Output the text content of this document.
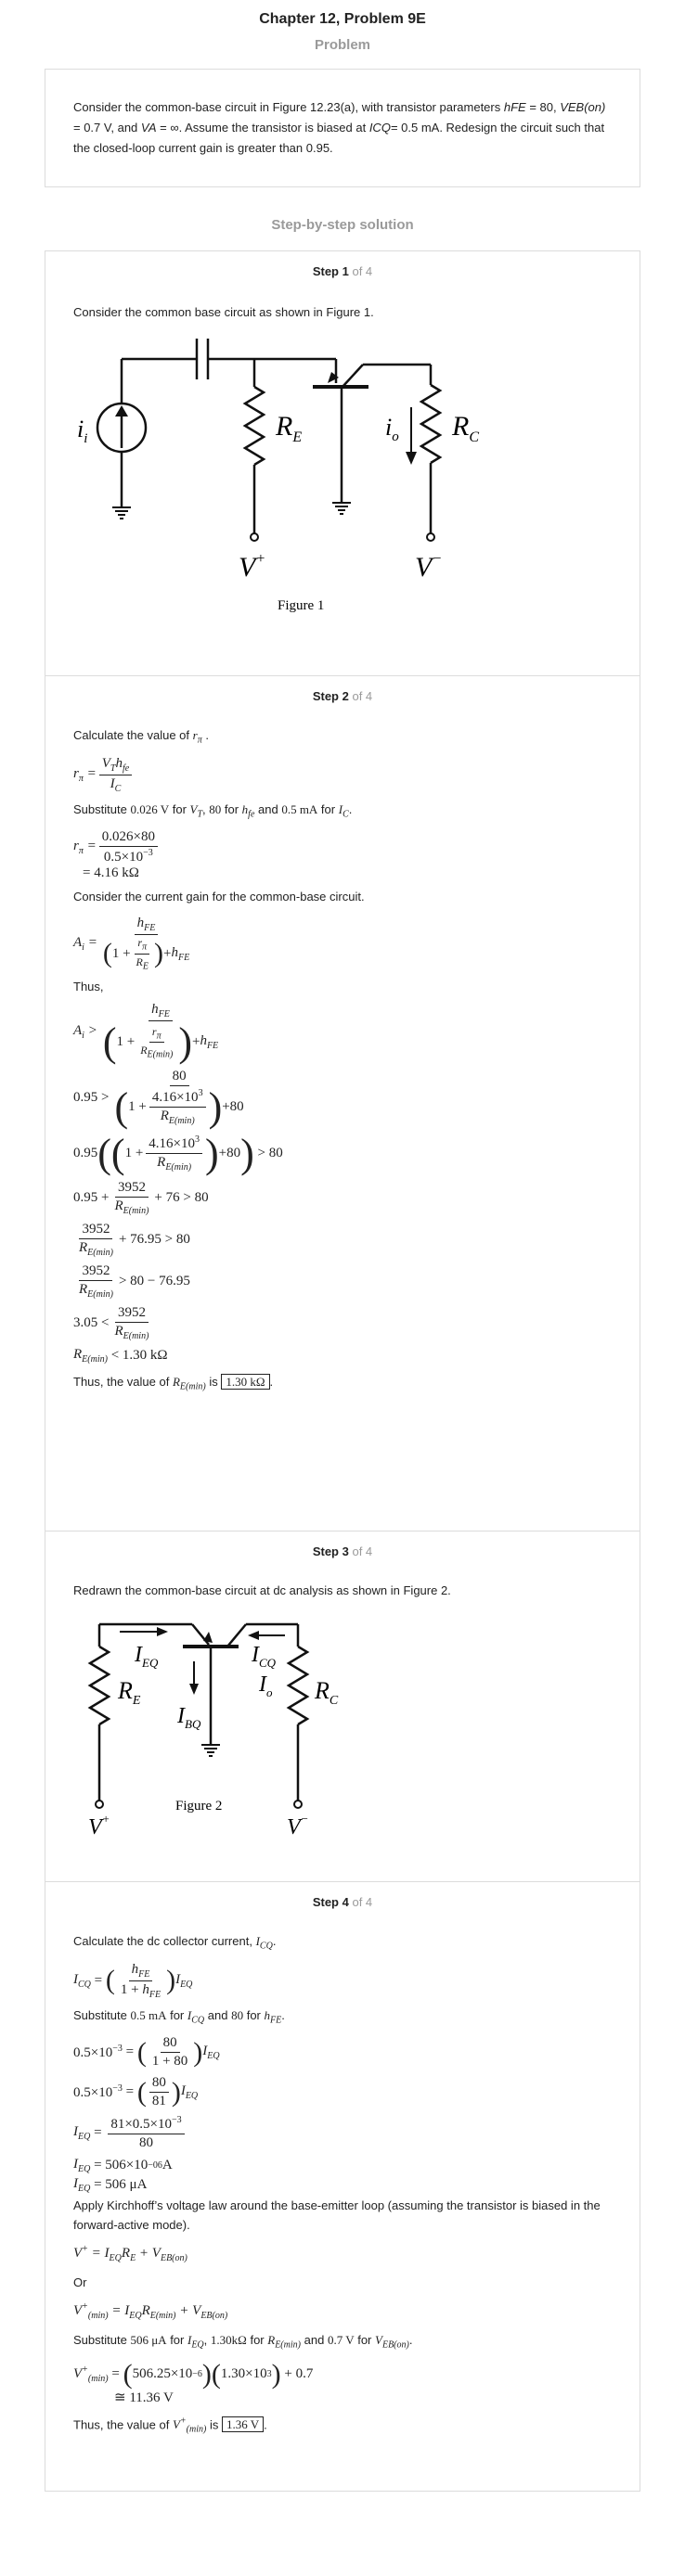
Chapter 12, Problem 9E
Problem
Consider the common-base circuit in Figure 12.23(a), with transistor parameters hFE = 80, VEB(on) = 0.7 V, and VA = ∞. Assume the transistor is biased at ICQ= 0.5 mA. Redesign the circuit such that the closed-loop current gain is greater than 0.95.
Step-by-step solution
Step 1 of 4
Consider the common base circuit as shown in Figure 1.
$i_i$	$R_E$	$i_o$ $R_C$
V+	V−
Figure 1
Step 2 of 4
Calculate the value of $r_\pi$ .
$r_\pi = \frac{V_Th_{fe}}{I_C}$
Substitute 0.026 V for $V_T$, 80 for $h_{fe}$ and 0.5 mA for $I_C$.
$r_\pi = \frac{0.026\times 80}{0.5\times 10^{-3}}$
= 4.16 kΩ
Consider the current gain for the common-base circuit.
$A_i = \frac{h_{FE}}{( 1 + \frac{r_\pi}{R_E} ) + h_{FE}}$
Thus,
$A_i > \frac{h_{FE}}{( 1 + \frac{r_\pi}{R_{E(min)}} ) + h_{FE}}$
$0.95 > \frac{80}{( 1 + \frac{4.16\times 10^3}{R_{E(min)}} ) +80}$
0.95 ( ( $1 + \frac{4.16\times 10^3}{R_{E(min)}}$ ) +80 )
> 80
$0.95 + \frac{3952}{R_{E(min)}} + 76 > 80$
$\frac{3952}{R_{E(min)}} + 76.95 > 80$
$\frac{3952}{R_{E(min)}} > 80 - 76.95$
$3.05 < \frac{3952}{R_{E(min)}}$
$R_{E(min)}$
< 1.30 kΩ
Thus, the value of $R_{E(min)}$ is 1.30 kΩ .
Step 3 of 4
Redrawn the common-base circuit at dc analysis as shown in Figure 2.
$I_{EQ}$
$R_E$
$I_{BQ}$
$I_{CQ}$
$I_o$ $R_C$
V+	V−
Figure 2
Step 4 of 4
Calculate the dc collector current, $I_{CQ}$.
$I_{CQ}$ = ( $\frac{h_{FE}}{1 + h_{FE}}$ ) $I_{EQ}$
Substitute 0.5 mA for $I_{CQ}$ and 80 for $h_{FE}$.
$0.5\times 10^{-3}$ = ( $\frac{80}{1 + 80}$ ) $I_{EQ}$
$0.5\times 10^{-3}$ = ( $\frac{80}{81}$ ) $I_{EQ}$
$I_{EQ} = \frac{81\times 0.5\times 10^{-3}}{80}$
$I_{EQ}$
= 506×10 −06 A
$I_{EQ}$
= 506 μA
Apply Kirchhoff’s voltage law around the base-emitter loop (assuming the transistor is biased in the forward-active mode).
$V^+ = I_{EQ}R_E + V_{EB(on)}$
Or
$V^+_{(min)} = I_{EQ}R_{E(min)} + V_{EB(on)}$
Substitute 506 μA for $I_{EQ}$, 1.30kΩ for $R_{E(min)}$ and 0.7 V for $V_{EB(on)}$.
$V^+_{(min)}$ = ( 506.25×10 −6 ) ( 1.30×10 3 )
+ 0.7
≅ 11.36 V
Thus, the value of $V^+_{(min)}$ is 1.36 V .
